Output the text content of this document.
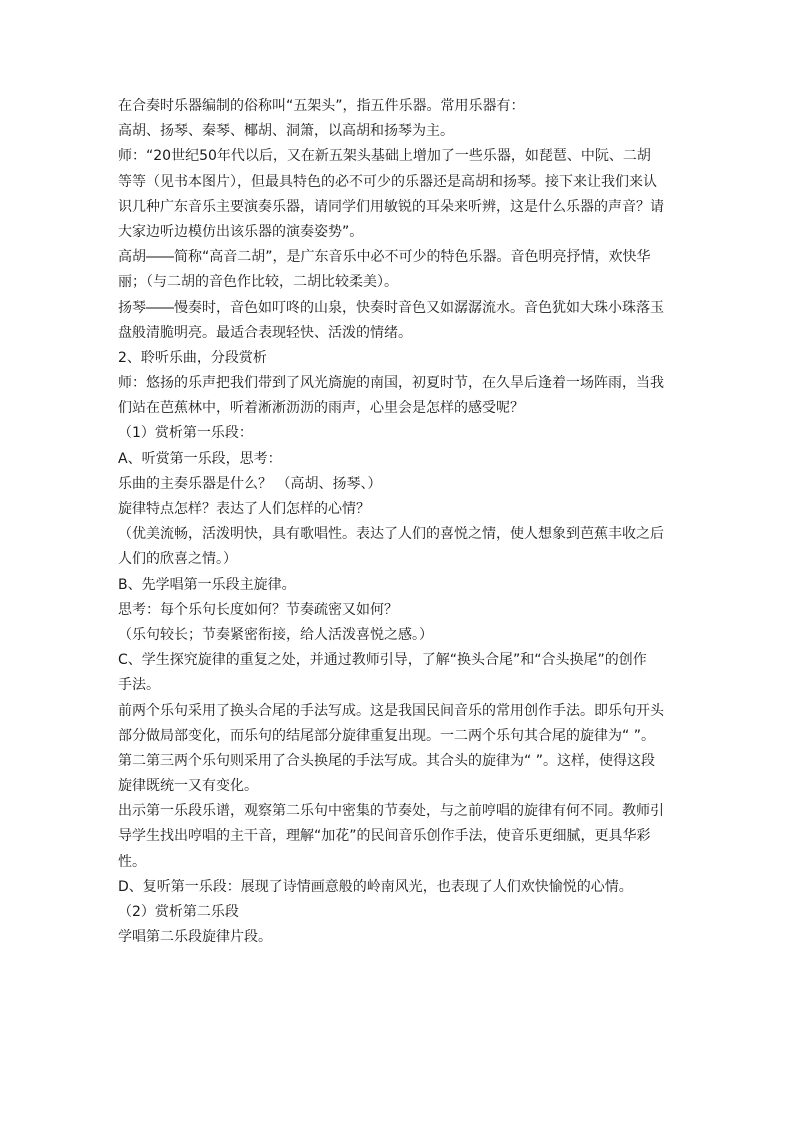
在合奏时乐器编制的俗称叫“五架头”，指五件乐器。常用乐器有：
高胡、扬琴、秦琴、椰胡、洞箫，以高胡和扬琴为主。
师：“20世纪50年代以后，又在新五架头基础上增加了一些乐器，如琵琶、中阮、二胡
等等（见书本图片），但最具特色的必不可少的乐器还是高胡和扬琴。接下来让我们来认
识几种广东音乐主要演奏乐器，请同学们用敏锐的耳朵来听辨，这是什么乐器的声音？请
大家边听边模仿出该乐器的演奏姿势”。
高胡――简称“高音二胡”，是广东音乐中必不可少的特色乐器。音色明亮抒情，欢快华
丽；（与二胡的音色作比较，二胡比较柔美）。
扬琴――慢奏时，音色如叮咚的山泉，快奏时音色又如潺潺流水。音色犹如大珠小珠落玉
盘般清脆明亮。最适合表现轻快、活泼的情绪。
2、聆听乐曲，分段赏析
师：悠扬的乐声把我们带到了风光旖旎的南国，初夏时节，在久旱后逢着一场阵雨，当我
们站在芭蕉林中，听着淅淅沥沥的雨声，心里会是怎样的感受呢？
（1）赏析第一乐段：
A、听赏第一乐段，思考：
乐曲的主奏乐器是什么？ （高胡、扬琴、）
旋律特点怎样？表达了人们怎样的心情？
（优美流畅，活泼明快，具有歌唱性。表达了人们的喜悦之情，使人想象到芭蕉丰收之后
人们的欣喜之情。）
B、先学唱第一乐段主旋律。
思考：每个乐句长度如何？节奏疏密又如何？
（乐句较长；节奏紧密衔接，给人活泼喜悦之感。）
C、学生探究旋律的重复之处，并通过教师引导，了解“换头合尾”和“合头换尾”的创作
手法。
前两个乐句采用了换头合尾的手法写成。这是我国民间音乐的常用创作手法。即乐句开头
部分做局部变化，而乐句的结尾部分旋律重复出现。一二两个乐句其合尾的旋律为“ ”。
第二第三两个乐句则采用了合头换尾的手法写成。其合头的旋律为“ ”。这样，使得这段
旋律既统一又有变化。
出示第一乐段乐谱，观察第二乐句中密集的节奏处，与之前哼唱的旋律有何不同。教师引
导学生找出哼唱的主干音，理解“加花”的民间音乐创作手法，使音乐更细腻，更具华彩
性。
D、复听第一乐段：展现了诗情画意般的岭南风光，也表现了人们欢快愉悦的心情。
（2）赏析第二乐段
学唱第二乐段旋律片段。
